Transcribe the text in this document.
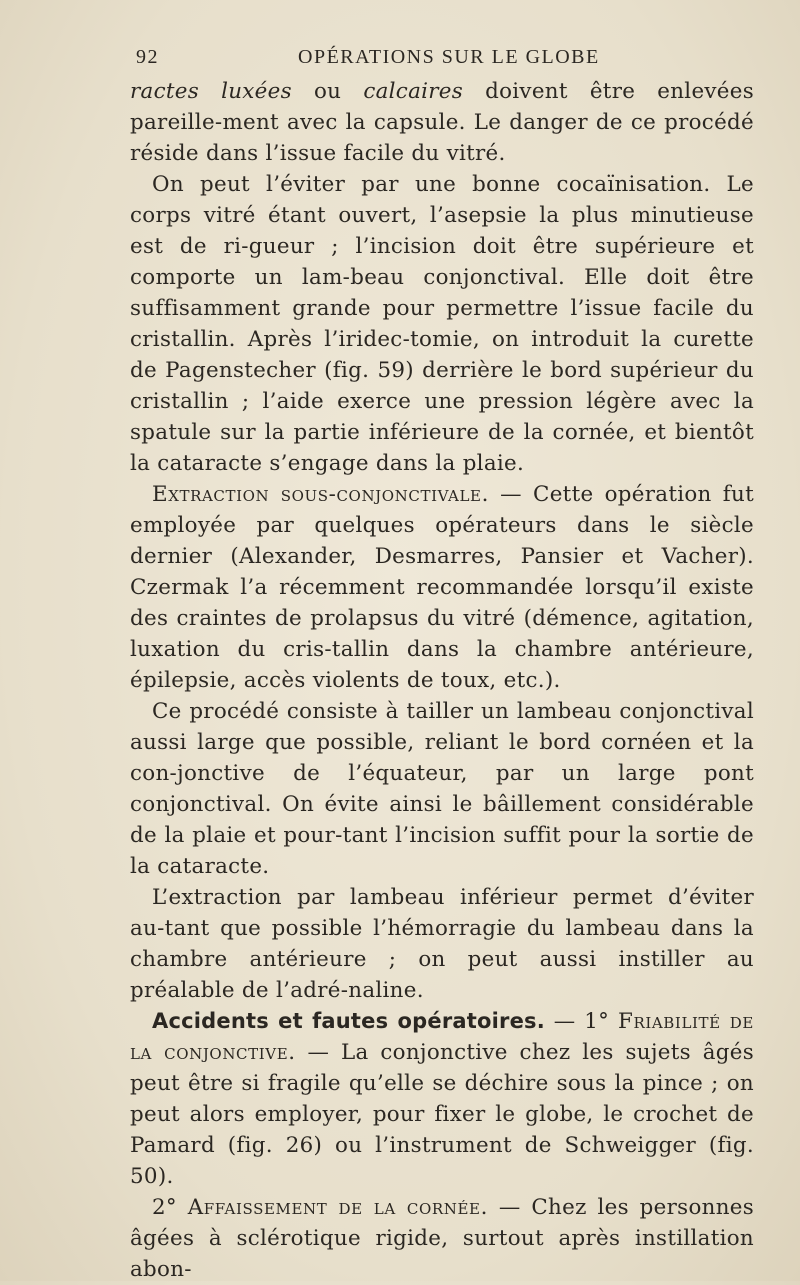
92	OPÉRATIONS SUR LE GLOBE

ractes luxées ou calcaires doivent être enlevées pareille-ment avec la capsule. Le danger de ce procédé réside dans l’issue facile du vitré.

On peut l’éviter par une bonne cocaïnisation. Le corps vitré étant ouvert, l’asepsie la plus minutieuse est de ri-gueur ; l’incision doit être supérieure et comporte un lam-beau conjonctival. Elle doit être suffisamment grande pour permettre l’issue facile du cristallin. Après l’iridec-tomie, on introduit la curette de Pagenstecher (fig. 59) derrière le bord supérieur du cristallin ; l’aide exerce une pression légère avec la spatule sur la partie inférieure de la cornée, et bientôt la cataracte s’engage dans la plaie.

Extraction sous-conjonctivale. — Cette opération fut employée par quelques opérateurs dans le siècle dernier (Alexander, Desmarres, Pansier et Vacher). Czermak l’a récemment recommandée lorsqu’il existe des craintes de prolapsus du vitré (démence, agitation, luxation du cris-tallin dans la chambre antérieure, épilepsie, accès violents de toux, etc.).

Ce procédé consiste à tailler un lambeau conjonctival aussi large que possible, reliant le bord cornéen et la con-jonctive de l’équateur, par un large pont conjonctival. On évite ainsi le bâillement considérable de la plaie et pour-tant l’incision suffit pour la sortie de la cataracte.

L’extraction par lambeau inférieur permet d’éviter au-tant que possible l’hémorragie du lambeau dans la chambre antérieure ; on peut aussi instiller au préalable de l’adré-naline.

Accidents et fautes opératoires. — 1° Friabilité de la conjonctive. — La conjonctive chez les sujets âgés peut être si fragile qu’elle se déchire sous la pince ; on peut alors employer, pour fixer le globe, le crochet de Pamard (fig. 26) ou l’instrument de Schweigger (fig. 50).

2° Affaissement de la cornée. — Chez les personnes âgées à sclérotique rigide, surtout après instillation abon-
